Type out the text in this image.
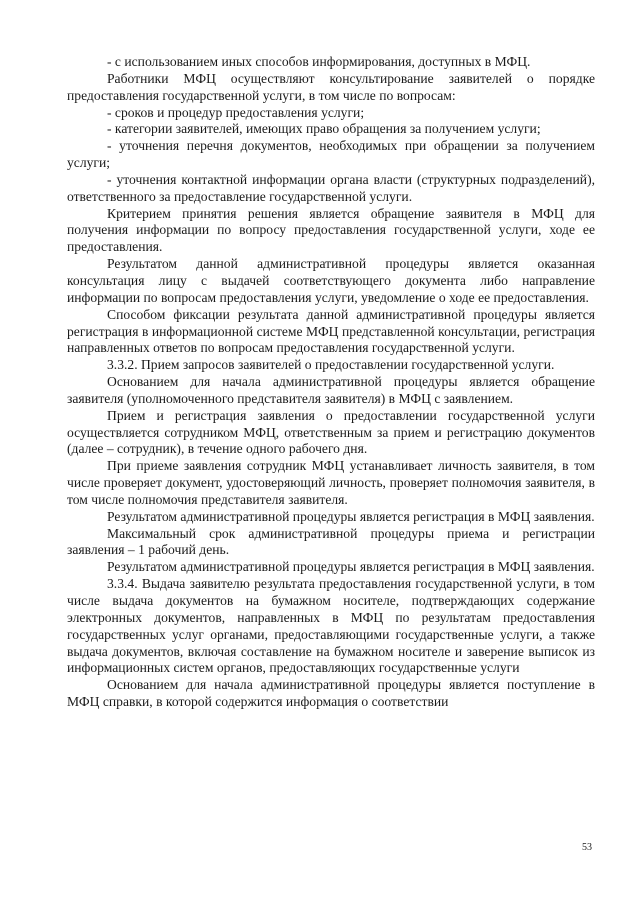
- с использованием иных способов информирования, доступных в МФЦ.

Работники МФЦ осуществляют консультирование заявителей о порядке предоставления государственной услуги, в том числе по вопросам:

- сроков и процедур предоставления услуги;

- категории заявителей, имеющих право обращения за получением услуги;

- уточнения перечня документов, необходимых при обращении за получением услуги;

- уточнения контактной информации органа власти (структурных подразделений), ответственного за предоставление государственной услуги.

Критерием принятия решения является обращение заявителя в МФЦ для получения информации по вопросу предоставления государственной услуги, ходе ее предоставления.

Результатом данной административной процедуры является оказанная консультация лицу с выдачей соответствующего документа либо направление информации по вопросам предоставления услуги, уведомление о ходе ее предоставления.

Способом фиксации результата данной административной процедуры является регистрация в информационной системе МФЦ представленной консультации, регистрация направленных ответов по вопросам предоставления государственной услуги.

3.3.2. Прием запросов заявителей о предоставлении государственной услуги.

Основанием для начала административной процедуры является обращение заявителя (уполномоченного представителя заявителя) в МФЦ с заявлением.

Прием и регистрация заявления о предоставлении государственной услуги осуществляется сотрудником МФЦ, ответственным за прием и регистрацию документов (далее – сотрудник), в течение одного рабочего дня.

При приеме заявления сотрудник МФЦ устанавливает личность заявителя, в том числе проверяет документ, удостоверяющий личность, проверяет полномочия заявителя, в том числе полномочия представителя заявителя.

Результатом административной процедуры является регистрация в МФЦ заявления.

Максимальный срок административной процедуры приема и регистрации заявления – 1 рабочий день.

Результатом административной процедуры является регистрация в МФЦ заявления.

3.3.4. Выдача заявителю результата предоставления государственной услуги, в том числе выдача документов на бумажном носителе, подтверждающих содержание электронных документов, направленных в МФЦ по результатам предоставления государственных услуг органами, предоставляющими государственные услуги, а также выдача документов, включая составление на бумажном носителе и заверение выписок из информационных систем органов, предоставляющих государственные услуги

Основанием для начала административной процедуры является поступление в МФЦ справки, в которой содержится информация о соответствии

53
